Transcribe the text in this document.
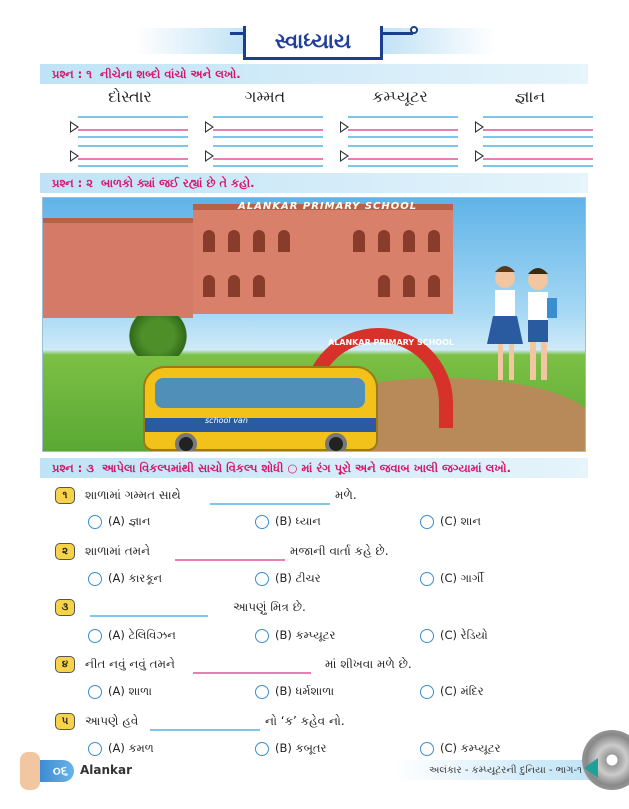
સ્વાધ્યાય
પ્રશ્ન : ૧ નીચેના શબ્દો વાંચો અને લખો.
દોસ્તાર	ગમ્મત	કમ્પ્યૂટર	જ્ઞાન
પ્રશ્ન : ૨ બાળકો ક્યાં જઈ રહ્યાં છે તે કહો.
ALANKAR PRIMARY SCHOOL
ALANKAR PRIMARY SCHOOL
school van
પ્રશ્ન : ૩ આપેલા વિકલ્પમાંથી સાચો વિકલ્પ શોધી ○ માં રંગ પૂરો અને જવાબ ખાલી જગ્યામાં લખો.
૧	શાળામાં ગમ્મત સાથે	મળે.
(A) જ્ઞાન	(B) ધ્યાન	(C) શાન
૨	શાળામાં તમને	મજાની વાર્તા કહે છે.
(A) કારકૂન	(B) ટીચર	(C) ગાર્ગી
૩	આપણું મિત્ર છે.
(A) ટેલિવિઝન	(B) કમ્પ્યૂટર	(C) રેડિયો
૪	નીત નવું નવું તમને	માં શીખવા મળે છે.
(A) શાળા	(B) ધર્મશાળા	(C) મંદિર
૫	આપણે હવે	નો ‘ક’ કહેવ નો.
(A) કમળ	(B) કબૂતર	(C) કમ્પ્યૂટર
૦૬	Alankar	અલંકાર - કમ્પ્યૂટરની દુનિયા - ભાગ-૧
